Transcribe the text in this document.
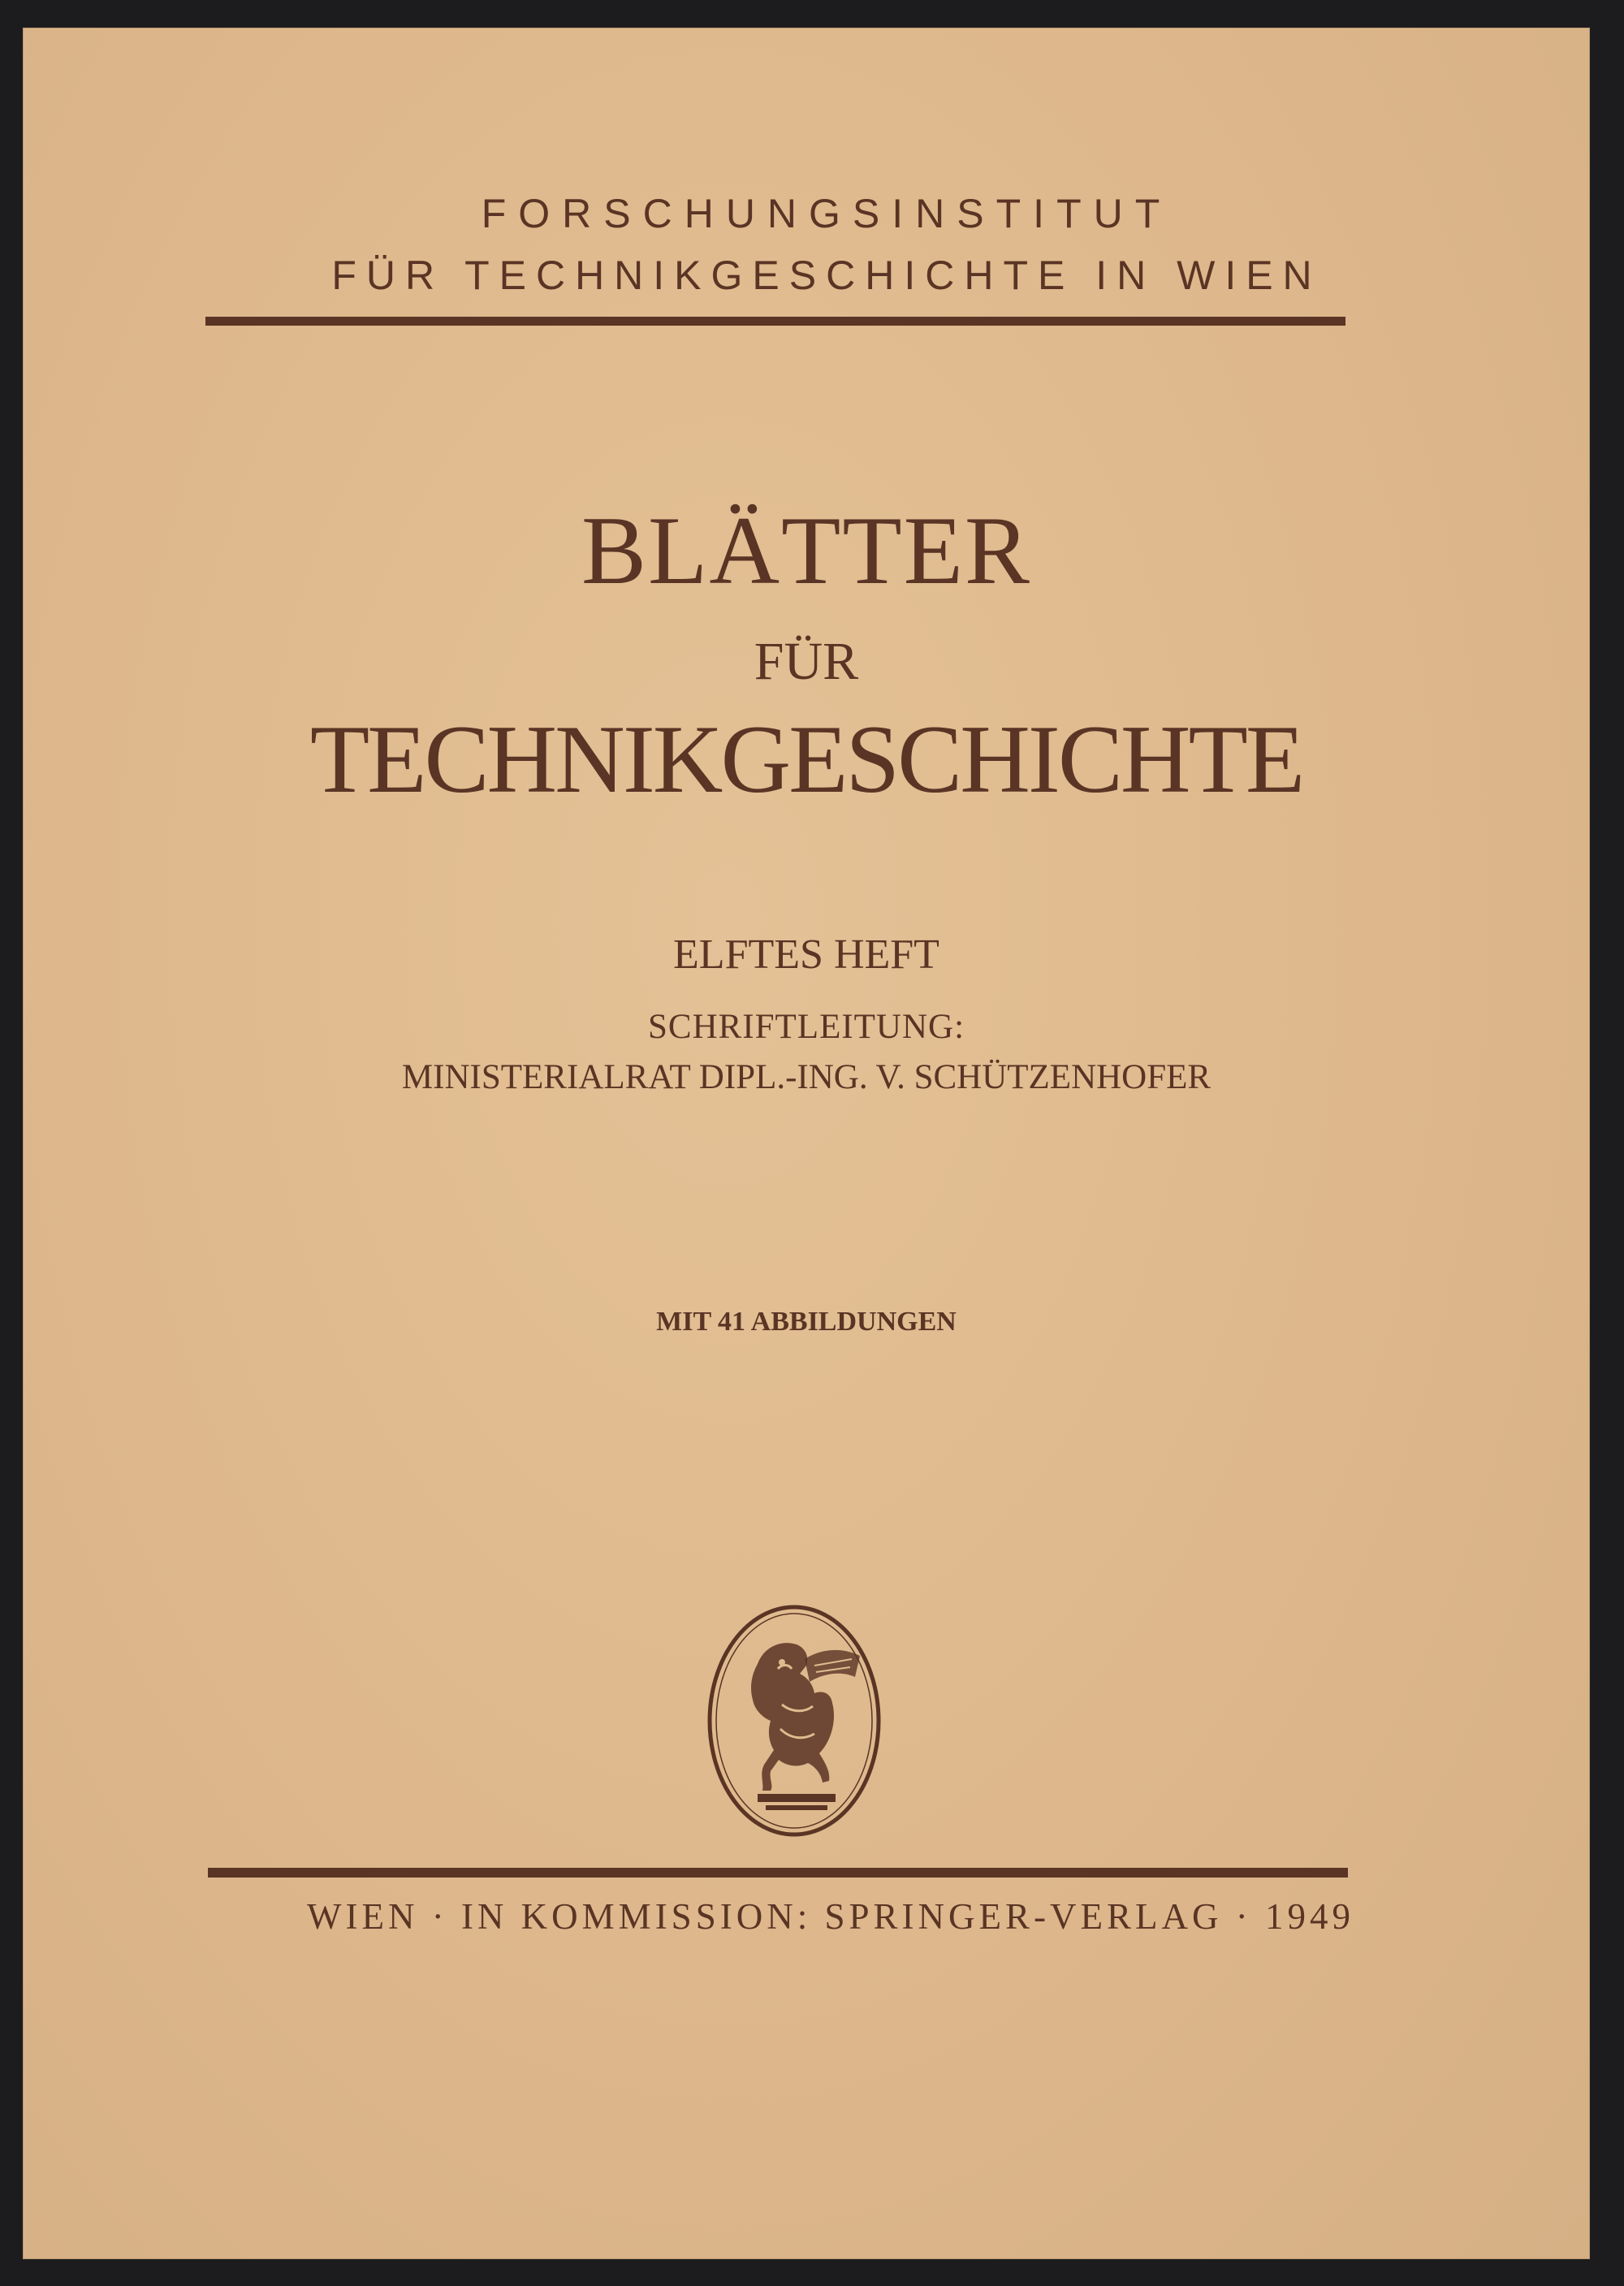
FORSCHUNGSINSTITUT
FÜR TECHNIKGESCHICHTE IN WIEN
BLÄTTER
FÜR
TECHNIKGESCHICHTE
ELFTES HEFT
SCHRIFTLEITUNG:
MINISTERIALRAT DIPL.-ING. V. SCHÜTZENHOFER
MIT 41 ABBILDUNGEN
WIEN · IN KOMMISSION: SPRINGER-VERLAG · 1949
